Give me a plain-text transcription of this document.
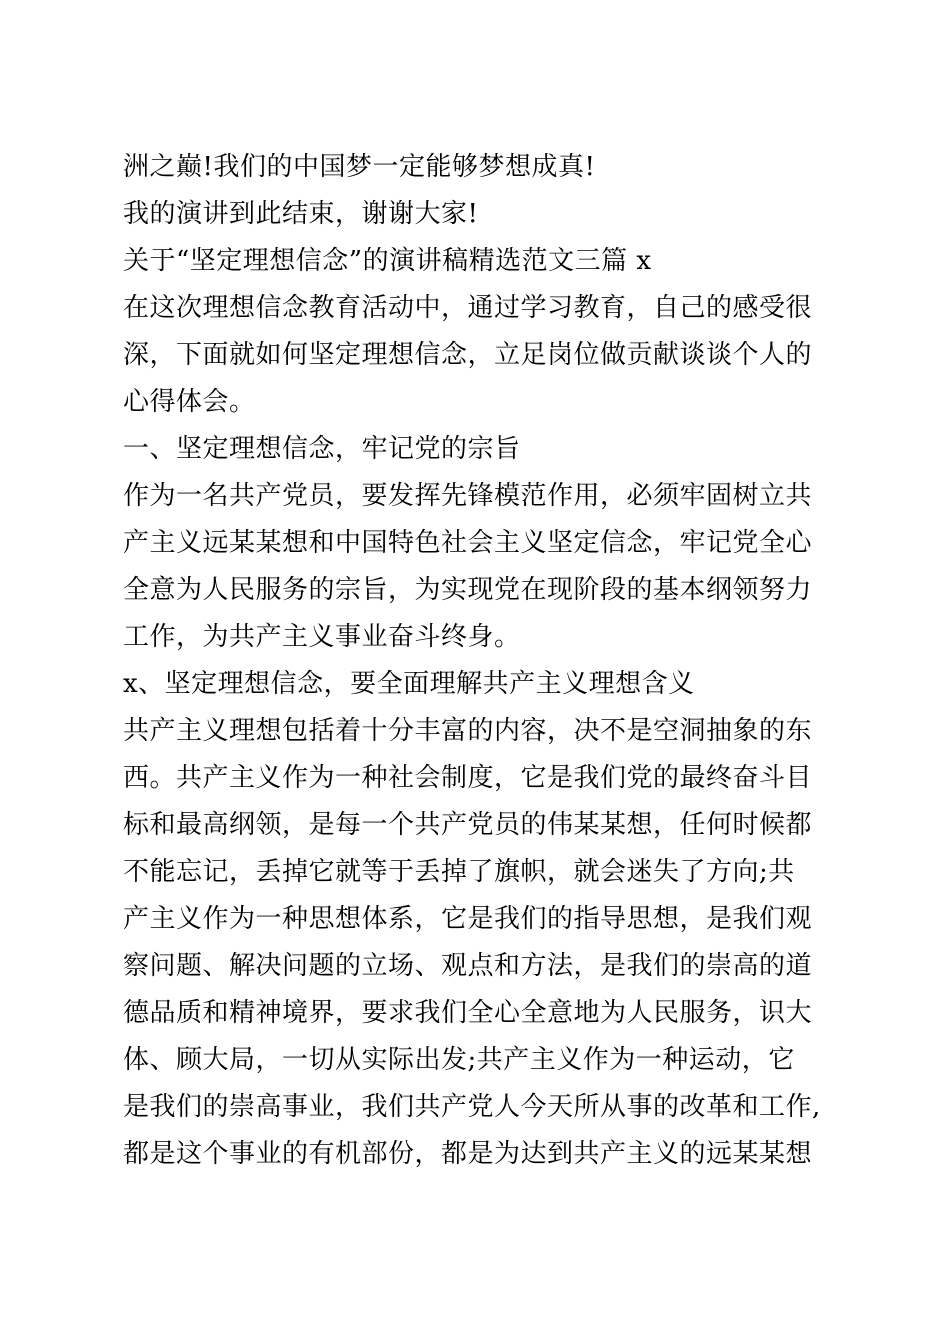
洲之巅!我们的中国梦一定能够梦想成真!
我的演讲到此结束，谢谢大家!
关于“坚定理想信念”的演讲稿精选范文三篇 x
在这次理想信念教育活动中，通过学习教育，自己的感受很
深，下面就如何坚定理想信念，立足岗位做贡献谈谈个人的
心得体会。
一、坚定理想信念，牢记党的宗旨
作为一名共产党员，要发挥先锋模范作用，必须牢固树立共
产主义远某某想和中国特色社会主义坚定信念，牢记党全心
全意为人民服务的宗旨，为实现党在现阶段的基本纲领努力
工作，为共产主义事业奋斗终身。
x、坚定理想信念，要全面理解共产主义理想含义
共产主义理想包括着十分丰富的内容，决不是空洞抽象的东
西。共产主义作为一种社会制度，它是我们党的最终奋斗目
标和最高纲领，是每一个共产党员的伟某某想，任何时候都
不能忘记，丢掉它就等于丢掉了旗帜，就会迷失了方向;共
产主义作为一种思想体系，它是我们的指导思想，是我们观
察问题、解决问题的立场、观点和方法，是我们的崇高的道
德品质和精神境界，要求我们全心全意地为人民服务，识大
体、顾大局，一切从实际出发;共产主义作为一种运动，它
是我们的崇高事业，我们共产党人今天所从事的改革和工作,
都是这个事业的有机部份，都是为达到共产主义的远某某想
